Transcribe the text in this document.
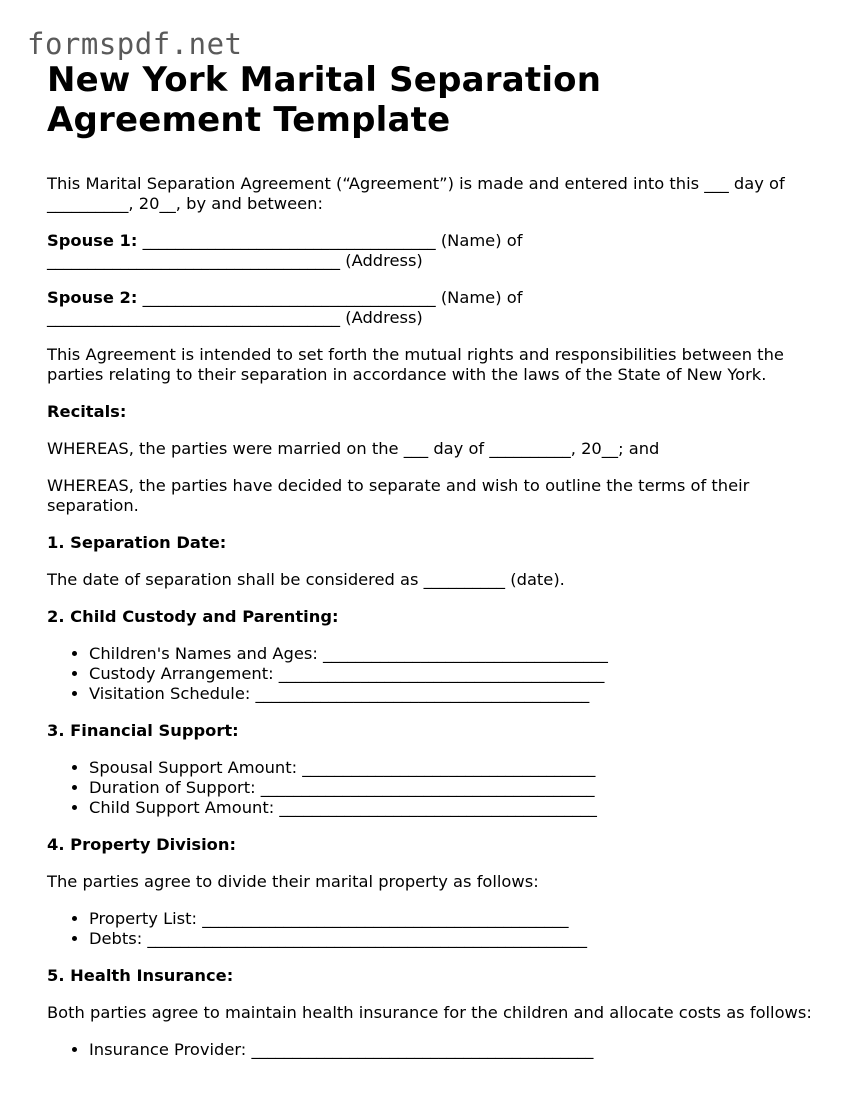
formspdf.net
New York Marital Separation
Agreement Template

This Marital Separation Agreement (“Agreement”) is made and entered into this ___ day of __________, 20__, by and between:

Spouse 1: ____________________________________ (Name) of
____________________________________ (Address)

Spouse 2: ____________________________________ (Name) of
____________________________________ (Address)

This Agreement is intended to set forth the mutual rights and responsibilities between the parties relating to their separation in accordance with the laws of the State of New York.

Recitals:

WHEREAS, the parties were married on the ___ day of __________, 20__; and

WHEREAS, the parties have decided to separate and wish to outline the terms of their separation.

1. Separation Date:

The date of separation shall be considered as __________ (date).

2. Child Custody and Parenting:

• Children's Names and Ages: ___________________________________
• Custody Arrangement: ________________________________________
• Visitation Schedule: _________________________________________

3. Financial Support:

• Spousal Support Amount: ____________________________________
• Duration of Support: _________________________________________
• Child Support Amount: _______________________________________

4. Property Division:

The parties agree to divide their marital property as follows:

• Property List: _____________________________________________
• Debts: ______________________________________________________

5. Health Insurance:

Both parties agree to maintain health insurance for the children and allocate costs as follows:

• Insurance Provider: __________________________________________
